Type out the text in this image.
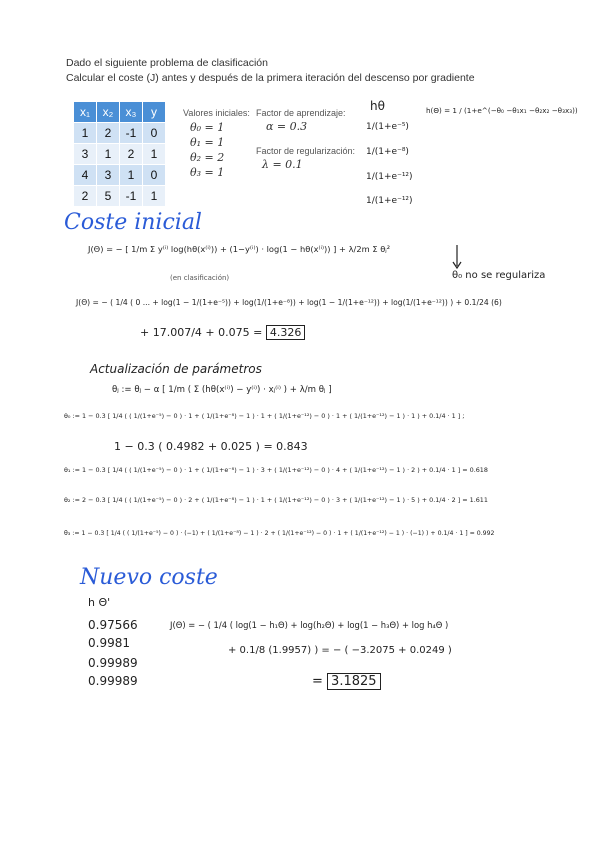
Dado el siguiente problema de clasificación
Calcular el coste (J) antes y después de la primera iteración del descenso por gradiente
x₁	x₂	x₃	y
1	2	-1	0
3	1	2	1
4	3	1	0
2	5	-1	1
Valores iniciales:
θ₀ = 1
θ₁ = 1
θ₂ = 2
θ₃ = 1
Factor de aprendizaje:
α = 0.3
Factor de regularización:
λ = 0.1
hθ
1/(1+e⁻⁵)
1/(1+e⁻⁸)
1/(1+e⁻¹²)
1/(1+e⁻¹²)
h(Θ) = 1 / (1+e^(−θ₀ −θ₁x₁ −θ₂x₂ −θ₃x₃))
Coste inicial
J(Θ) = − [ 1/m Σ y⁽ⁱ⁾ log(hθ(x⁽ⁱ⁾)) + (1−y⁽ⁱ⁾) · log(1 − hθ(x⁽ⁱ⁾)) ] + λ/2m Σ θⱼ²
(en clasificación)	θ₀ no se regulariza
J(Θ) = − ( 1/4 ( 0 ... + log(1 − 1/(1+e⁻⁵)) + log(1/(1+e⁻⁸)) + log(1 − 1/(1+e⁻¹²)) + log(1/(1+e⁻¹²)) ) + 0.1/24 (6)
+ 17.007/4 + 0.075 = 4.326
Actualización de parámetros
θⱼ := θⱼ − α [ 1/m ( Σ (hθ(x⁽ⁱ⁾) − y⁽ⁱ⁾) · xⱼ⁽ⁱ⁾ ) + λ/m θⱼ ]
θ₀ := 1 − 0.3 [ 1/4 ( ( 1/(1+e⁻⁵) − 0 ) · 1 + ( 1/(1+e⁻⁸) − 1 ) · 1 + ( 1/(1+e⁻¹²) − 0 ) · 1 + ( 1/(1+e⁻¹²) − 1 ) · 1 ) + 0.1/4 · 1 ] ;
1 − 0.3 ( 0.4982 + 0.025 ) = 0.843
θ₁ := 1 − 0.3 [ 1/4 ( ( 1/(1+e⁻⁵) − 0 ) · 1 + ( 1/(1+e⁻⁸) − 1 ) · 3 + ( 1/(1+e⁻¹²) − 0 ) · 4 + ( 1/(1+e⁻¹²) − 1 ) · 2 ) + 0.1/4 · 1 ] = 0.618
θ₂ := 2 − 0.3 [ 1/4 ( ( 1/(1+e⁻⁵) − 0 ) · 2 + ( 1/(1+e⁻⁸) − 1 ) · 1 + ( 1/(1+e⁻¹²) − 0 ) · 3 + ( 1/(1+e⁻¹²) − 1 ) · 5 ) + 0.1/4 · 2 ] = 1.611
θ₃ := 1 − 0.3 [ 1/4 ( ( 1/(1+e⁻⁵) − 0 ) · (−1) + ( 1/(1+e⁻⁸) − 1 ) · 2 + ( 1/(1+e⁻¹²) − 0 ) · 1 + ( 1/(1+e⁻¹²) − 1 ) · (−1) ) + 0.1/4 · 1 ] = 0.992
Nuevo coste
h Θ'
0.97566
0.9981
0.99989
0.99989
J(Θ) = − ( 1/4 ( log(1 − h₁Θ) + log(h₂Θ) + log(1 − h₃Θ) + log h₄Θ )
+ 0.1/8 (1.9957) ) = − ( −3.2075 + 0.0249 )
= 3.1825
